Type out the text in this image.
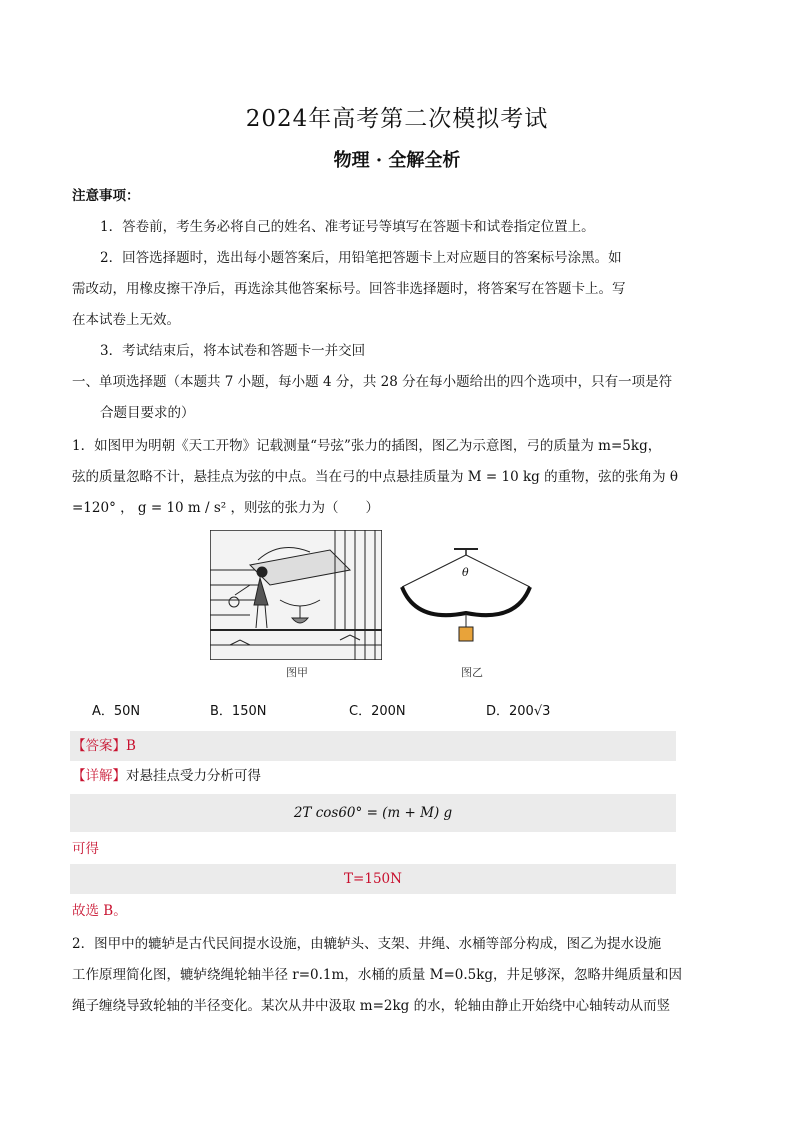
2024年高考第二次模拟考试
物理 · 全解全析
注意事项：
1．答卷前，考生务必将自己的姓名、准考证号等填写在答题卡和试卷指定位置上。
2．回答选择题时，选出每小题答案后，用铅笔把答题卡上对应题目的答案标号涂黑。如
需改动，用橡皮擦干净后，再选涂其他答案标号。回答非选择题时，将答案写在答题卡上。写
在本试卷上无效。
3．考试结束后，将本试卷和答题卡一并交回
一、单项选择题（本题共 7 小题，每小题 4 分，共 28 分在每小题给出的四个选项中，只有一项是符
合题目要求的）
1．如图甲为明朝《天工开物》记载测量“号弦”张力的插图，图乙为示意图，弓的质量为 m=5kg，
弦的质量忽略不计，悬挂点为弦的中点。当在弓的中点悬挂质量为 M = 10 kg 的重物，弦的张角为 θ
=120° ， g = 10 m / s² ，则弦的张力为（　　）
图甲
θ
图乙
A．50N	B．150N	C．200N	D．200√3
【答案】B
【详解】对悬挂点受力分析可得
2T cos60° = (m + M) g
可得
T=150N
故选 B。
2．图甲中的辘轳是古代民间提水设施，由辘轳头、支架、井绳、水桶等部分构成，图乙为提水设施
工作原理简化图，辘轳绕绳轮轴半径 r=0.1m，水桶的质量 M=0.5kg，井足够深，忽略井绳质量和因
绳子缠绕导致轮轴的半径变化。某次从井中汲取 m=2kg 的水，轮轴由静止开始绕中心轴转动从而竖
